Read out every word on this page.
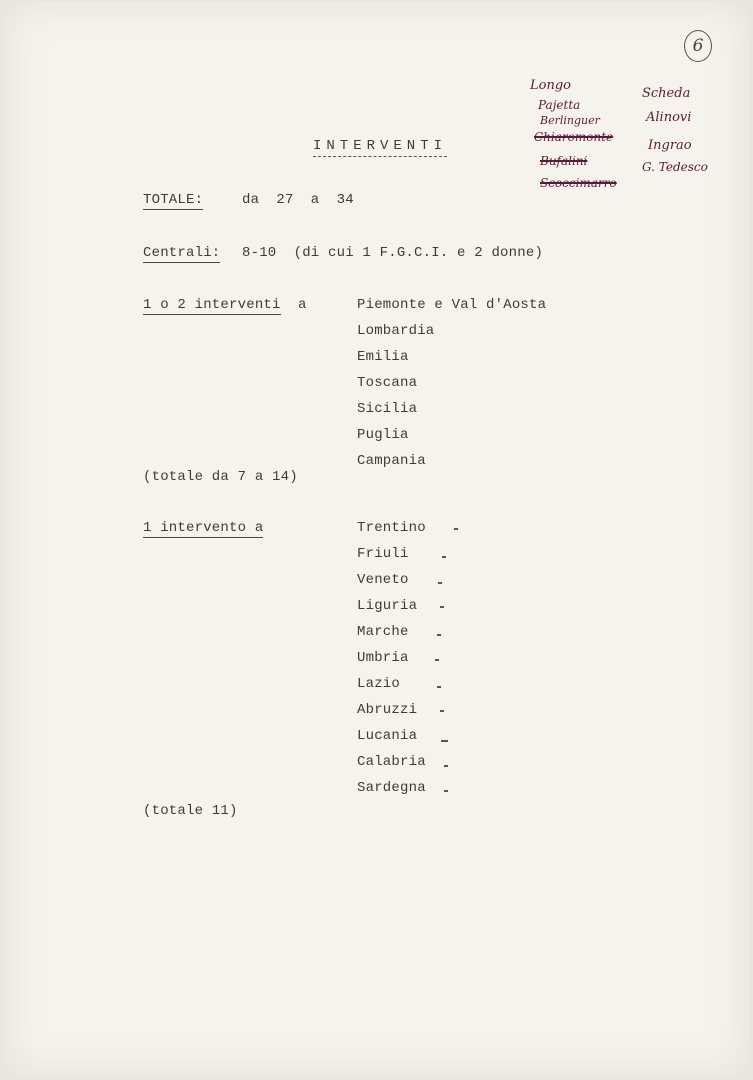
6
Longo
Pajetta
Berlinguer
Chiaromonte
Bufalini
Scoccimarro
Scheda
Alinovi
Ingrao
G. Tedesco
INTERVENTI
TOTALE:	da  27  a  34
Centrali: 8-10  (di cui 1 F.G.C.I. e 2 donne)
1 o 2 interventi a	Piemonte e Val d'Aosta
Lombardia
Emilia
Toscana
Sicilia
Puglia
Campania
(totale da 7 a 14)
1 intervento a	Trentino
Friuli
Veneto
Liguria
Marche
Umbria
Lazio
Abruzzi
Lucania
Calabria
Sardegna
(totale 11)
